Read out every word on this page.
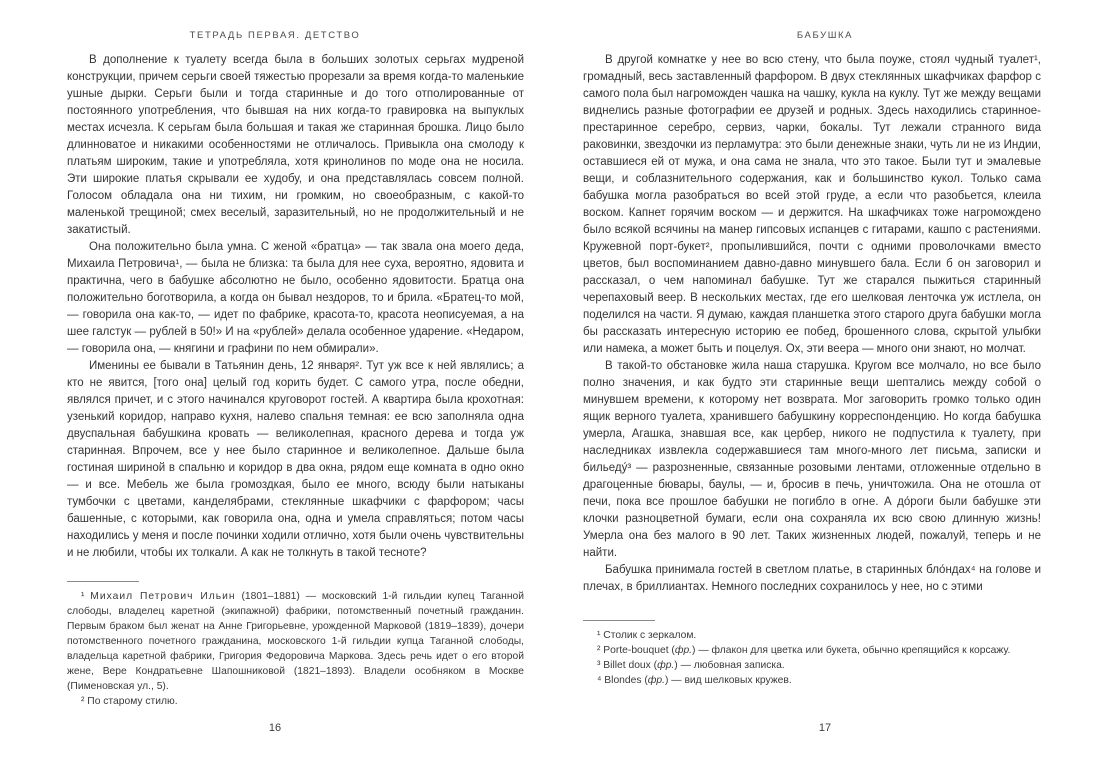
ТЕТРАДЬ ПЕРВАЯ. ДЕТСТВО

В дополнение к туалету всегда была в больших золотых серьгах мудреной конструкции, причем серьги своей тяжестью прорезали за время когда-то маленькие ушные дырки. Серьги были и тогда старинные и до того отполированные от постоянного употребления, что бывшая на них когда-то гравировка на выпуклых местах исчезла. К серьгам была большая и такая же старинная брошка. Лицо было длинноватое и никакими особенностями не отличалось. Привыкла она смолоду к платьям широким, такие и употребляла, хотя кринолинов по моде она не носила. Эти широкие платья скрывали ее худобу, и она представлялась совсем полной. Голосом обладала она ни тихим, ни громким, но своеобразным, с какой-то маленькой трещиной; смех веселый, заразительный, но не продолжительный и не закатистый.

Она положительно была умна. С женой «братца» — так звала она моего деда, Михаила Петровича¹, — была не близка: та была для нее суха, вероятно, ядовита и практична, чего в бабушке абсолютно не было, особенно ядовитости. Братца она положительно боготворила, а когда он бывал нездоров, то и брила. «Братец-то мой, — говорила она как-то, — идет по фабрике, красота-то, красота неописуемая, а на шее галстук — рублей в 50!» И на «рублей» делала особенное ударение. «Недаром, — говорила она, — княгини и графини по нем обмирали».

Именины ее бывали в Татьянин день, 12 января². Тут уж все к ней являлись; а кто не явится, [того она] целый год корить будет. С самого утра, после обедни, являлся причет, и с этого начинался круговорот гостей. А квартира была крохотная: узенький коридор, направо кухня, налево спальня темная: ее всю заполняла одна двуспальная бабушкина кровать — великолепная, красного дерева и тогда уж старинная. Впрочем, все у нее было старинное и великолепное. Дальше была гостиная шириной в спальню и коридор в два окна, рядом еще комната в одно окно — и все. Мебель же была громоздкая, было ее много, всюду были натыканы тумбочки с цветами, канделябрами, стеклянные шкафчики с фарфором; часы башенные, с которыми, как говорила она, одна и умела справляться; потом часы находились у меня и после починки ходили отлично, хотя были очень чувствительны и не любили, чтобы их толкали. А как не толкнуть в такой тесноте?

¹ Михаил Петрович Ильин (1801–1881) — московский 1-й гильдии купец Таганной слободы, владелец каретной (экипажной) фабрики, потомственный почетный гражданин. Первым браком был женат на Анне Григорьевне, урожденной Марковой (1819–1839), дочери потомственного почетного гражданина, московского 1-й гильдии купца Таганной слободы, владельца каретной фабрики, Григория Федоровича Маркова. Здесь речь идет о его второй жене, Вере Кондратьевне Шапошниковой (1821–1893). Владели особняком в Москве (Пименовская ул., 5).

² По старому стилю.

16
БАБУШКА

В другой комнатке у нее во всю стену, что была поуже, стоял чудный туалет¹, громадный, весь заставленный фарфором. В двух стеклянных шкафчиках фарфор с самого пола был нагроможден чашка на чашку, кукла на куклу. Тут же между вещами виднелись разные фотографии ее друзей и родных. Здесь находились старинное-престаринное серебро, сервиз, чарки, бокалы. Тут лежали странного вида раковинки, звездочки из перламутра: это были денежные знаки, чуть ли не из Индии, оставшиеся ей от мужа, и она сама не знала, что это такое. Были тут и эмалевые вещи, и соблазнительного содержания, как и большинство кукол. Только сама бабушка могла разобраться во всей этой груде, а если что разобьется, клеила воском. Капнет горячим воском — и держится. На шкафчиках тоже нагромождено было всякой всячины на манер гипсовых испанцев с гитарами, кашпо с растениями. Кружевной порт-букет², пропылившийся, почти с одними проволочками вместо цветов, был воспоминанием давно-давно минувшего бала. Если б он заговорил и рассказал, о чем напоминал бабушке. Тут же старался пыжиться старинный черепаховый веер. В нескольких местах, где его шелковая ленточка уж истлела, он поделился на части. Я думаю, каждая планшетка этого старого друга бабушки могла бы рассказать интересную историю ее побед, брошенного слова, скрытой улыбки или намека, а может быть и поцелуя. Ох, эти веера — много они знают, но молчат.

В такой-то обстановке жила наша старушка. Кругом все молчало, но все было полно значения, и как будто эти старинные вещи шептались между собой о минувшем времени, к которому нет возврата. Мог заговорить громко только один ящик верного туалета, хранившего бабушкину корреспонденцию. Но когда бабушка умерла, Агашка, знавшая все, как цербер, никого не подпустила к туалету, при наследниках извлекла содержавшиеся там много-много лет письма, записки и бильеду́³ — разрозненные, связанные розовыми лентами, отложенные отдельно в драгоценные бювары, баулы, — и, бросив в печь, уничтожила. Она не отошла от печи, пока все прошлое бабушки не погибло в огне. А до́роги были бабушке эти клочки разноцветной бумаги, если она сохраняла их всю свою длинную жизнь! Умерла она без малого в 90 лет. Таких жизненных людей, пожалуй, теперь и не найти.

Бабушка принимала гостей в светлом платье, в старинных бло́ндах⁴ на голове и плечах, в бриллиантах. Немного последних сохранилось у нее, но с этими

¹ Столик с зеркалом.

² Porte-bouquet (фр.) — флакон для цветка или букета, обычно крепящийся к корсажу.

³ Billet doux (фр.) — любовная записка.

⁴ Blondes (фр.) — вид шелковых кружев.

17
